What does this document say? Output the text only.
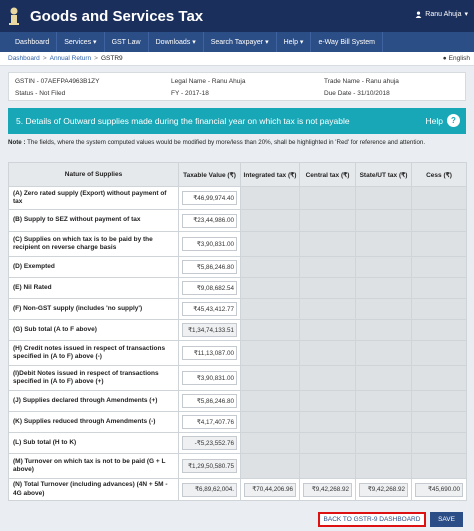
Goods and Services Tax	Ranu Ahuja ▾
Dashboard	Services ▾	GST Law	Downloads ▾	Search Taxpayer ▾	Help ▾	e-Way Bill System
Dashboard > Annual Return > GSTR9	● English
GSTIN - 07AEFPA4963B1ZY	Legal Name - Ranu Ahuja	Trade Name - Ranu ahuja
Status - Not Filed	FY - 2017-18	Due Date - 31/10/2018
5. Details of Outward supplies made during the financial year on which tax is not payable	Help	?
Note : The fields, where the system computed values would be modified by more/less than 20%, shall be highlighted in 'Red' for reference and attention.
Nature of Supplies	Taxable Value (₹)	Integrated tax (₹)	Central tax (₹)	State/UT tax (₹)	Cess (₹)
(A) Zero rated supply (Export) without payment of tax	₹46,99,974.40				

(B) Supply to SEZ without payment of tax	₹23,44,986.00				

(C) Supplies on which tax is to be paid by the recipient on reverse charge basis	₹3,90,831.00				

(D) Exempted	₹5,86,246.80				

(E) Nil Rated	₹9,08,682.54				

(F) Non-GST supply (includes 'no supply')	₹45,43,412.77				

(G) Sub total (A to F above)	₹1,34,74,133.51				

(H) Credit notes issued in respect of transactions specified in (A to F) above (-)	₹11,13,087.00				

(I)Debit Notes issued in respect of transactions specified in (A to F) above (+)	₹3,90,831.00				

(J) Supplies declared through Amendments (+)	₹5,86,246.80				

(K) Supplies reduced through Amendments (-)	₹4,17,407.76				

(L) Sub total (H to K)	-₹5,23,552.76				

(M) Turnover on which tax is not to be paid (G + L above)	₹1,29,50,580.75				

(N) Total Turnover (including advances) (4N + 5M - 4G above)	₹6,89,62,004.	₹70,44,206.96	₹9,42,268.92	₹9,42,268.92	₹45,690.00
BACK TO GSTR-9 DASHBOARD	SAVE
